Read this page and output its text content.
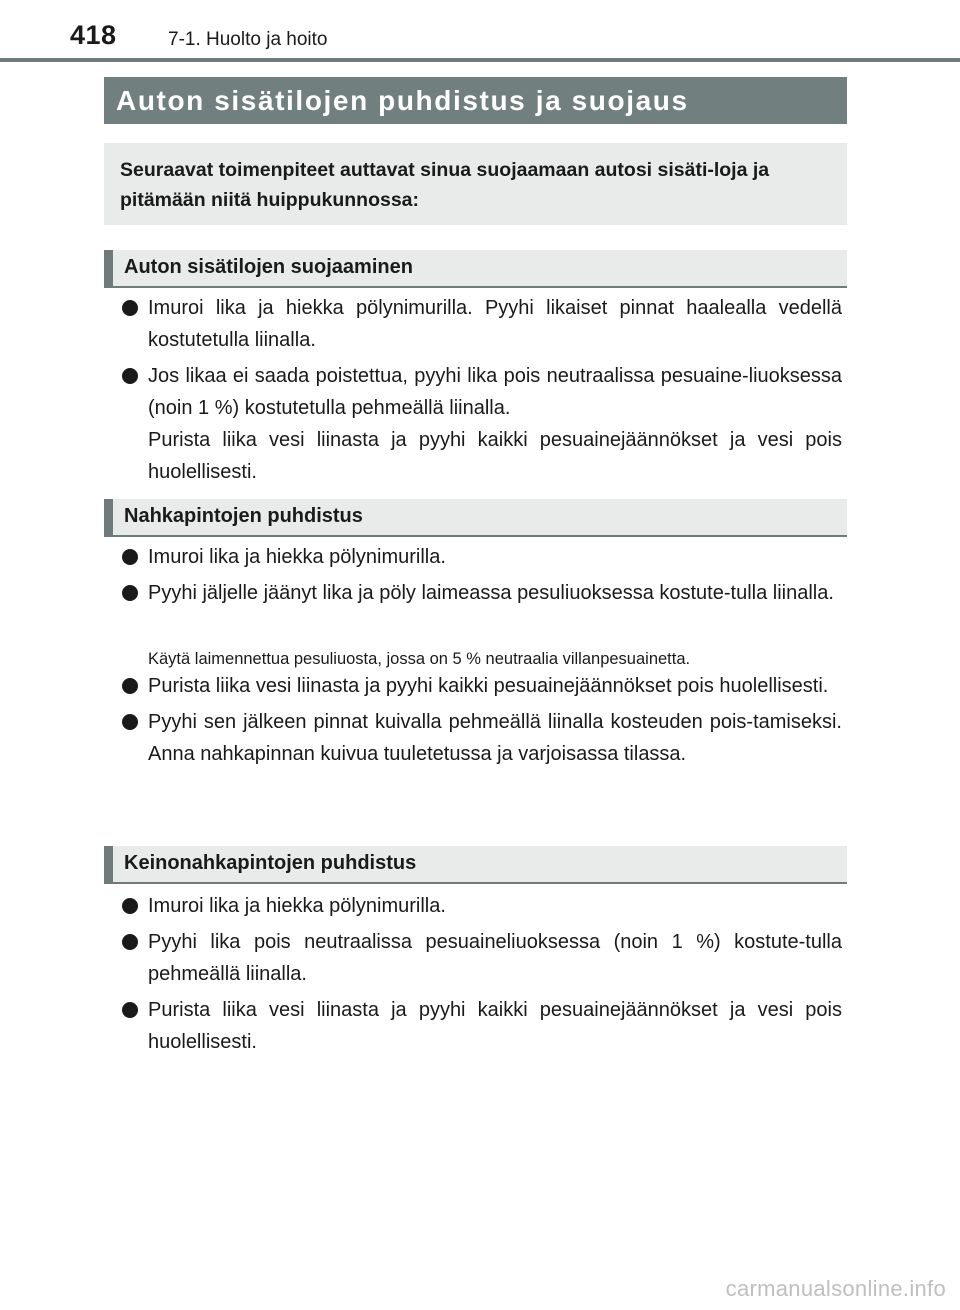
418	7-1. Huolto ja hoito
Auton sisätilojen puhdistus ja suojaus

Seuraavat toimenpiteet auttavat sinua suojaamaan autosi sisäti-loja ja pitämään niitä huippukunnossa:

Auton sisätilojen suojaaminen
Imuroi lika ja hiekka pölynimurilla. Pyyhi likaiset pinnat haalealla vedellä kostutetulla liinalla.
Jos likaa ei saada poistettua, pyyhi lika pois neutraalissa pesuaine-liuoksessa (noin 1 %) kostutetulla pehmeällä liinalla.
Purista liika vesi liinasta ja pyyhi kaikki pesuainejäännökset ja vesi pois huolellisesti.
Nahkapintojen puhdistus
Imuroi lika ja hiekka pölynimurilla.
Pyyhi jäljelle jäänyt lika ja pöly laimeassa pesuliuoksessa kostute-tulla liinalla.

Käytä laimennettua pesuliuosta, jossa on 5 % neutraalia villanpesuainetta.

Purista liika vesi liinasta ja pyyhi kaikki pesuainejäännökset pois huolellisesti.
Pyyhi sen jälkeen pinnat kuivalla pehmeällä liinalla kosteuden pois-tamiseksi. Anna nahkapinnan kuivua tuuletetussa ja varjoisassa tilassa.
Keinonahkapintojen puhdistus
Imuroi lika ja hiekka pölynimurilla.
Pyyhi lika pois neutraalissa pesuaineliuoksessa (noin 1 %) kostute-tulla pehmeällä liinalla.
Purista liika vesi liinasta ja pyyhi kaikki pesuainejäännökset ja vesi pois huolellisesti.
carmanualsonline.info
